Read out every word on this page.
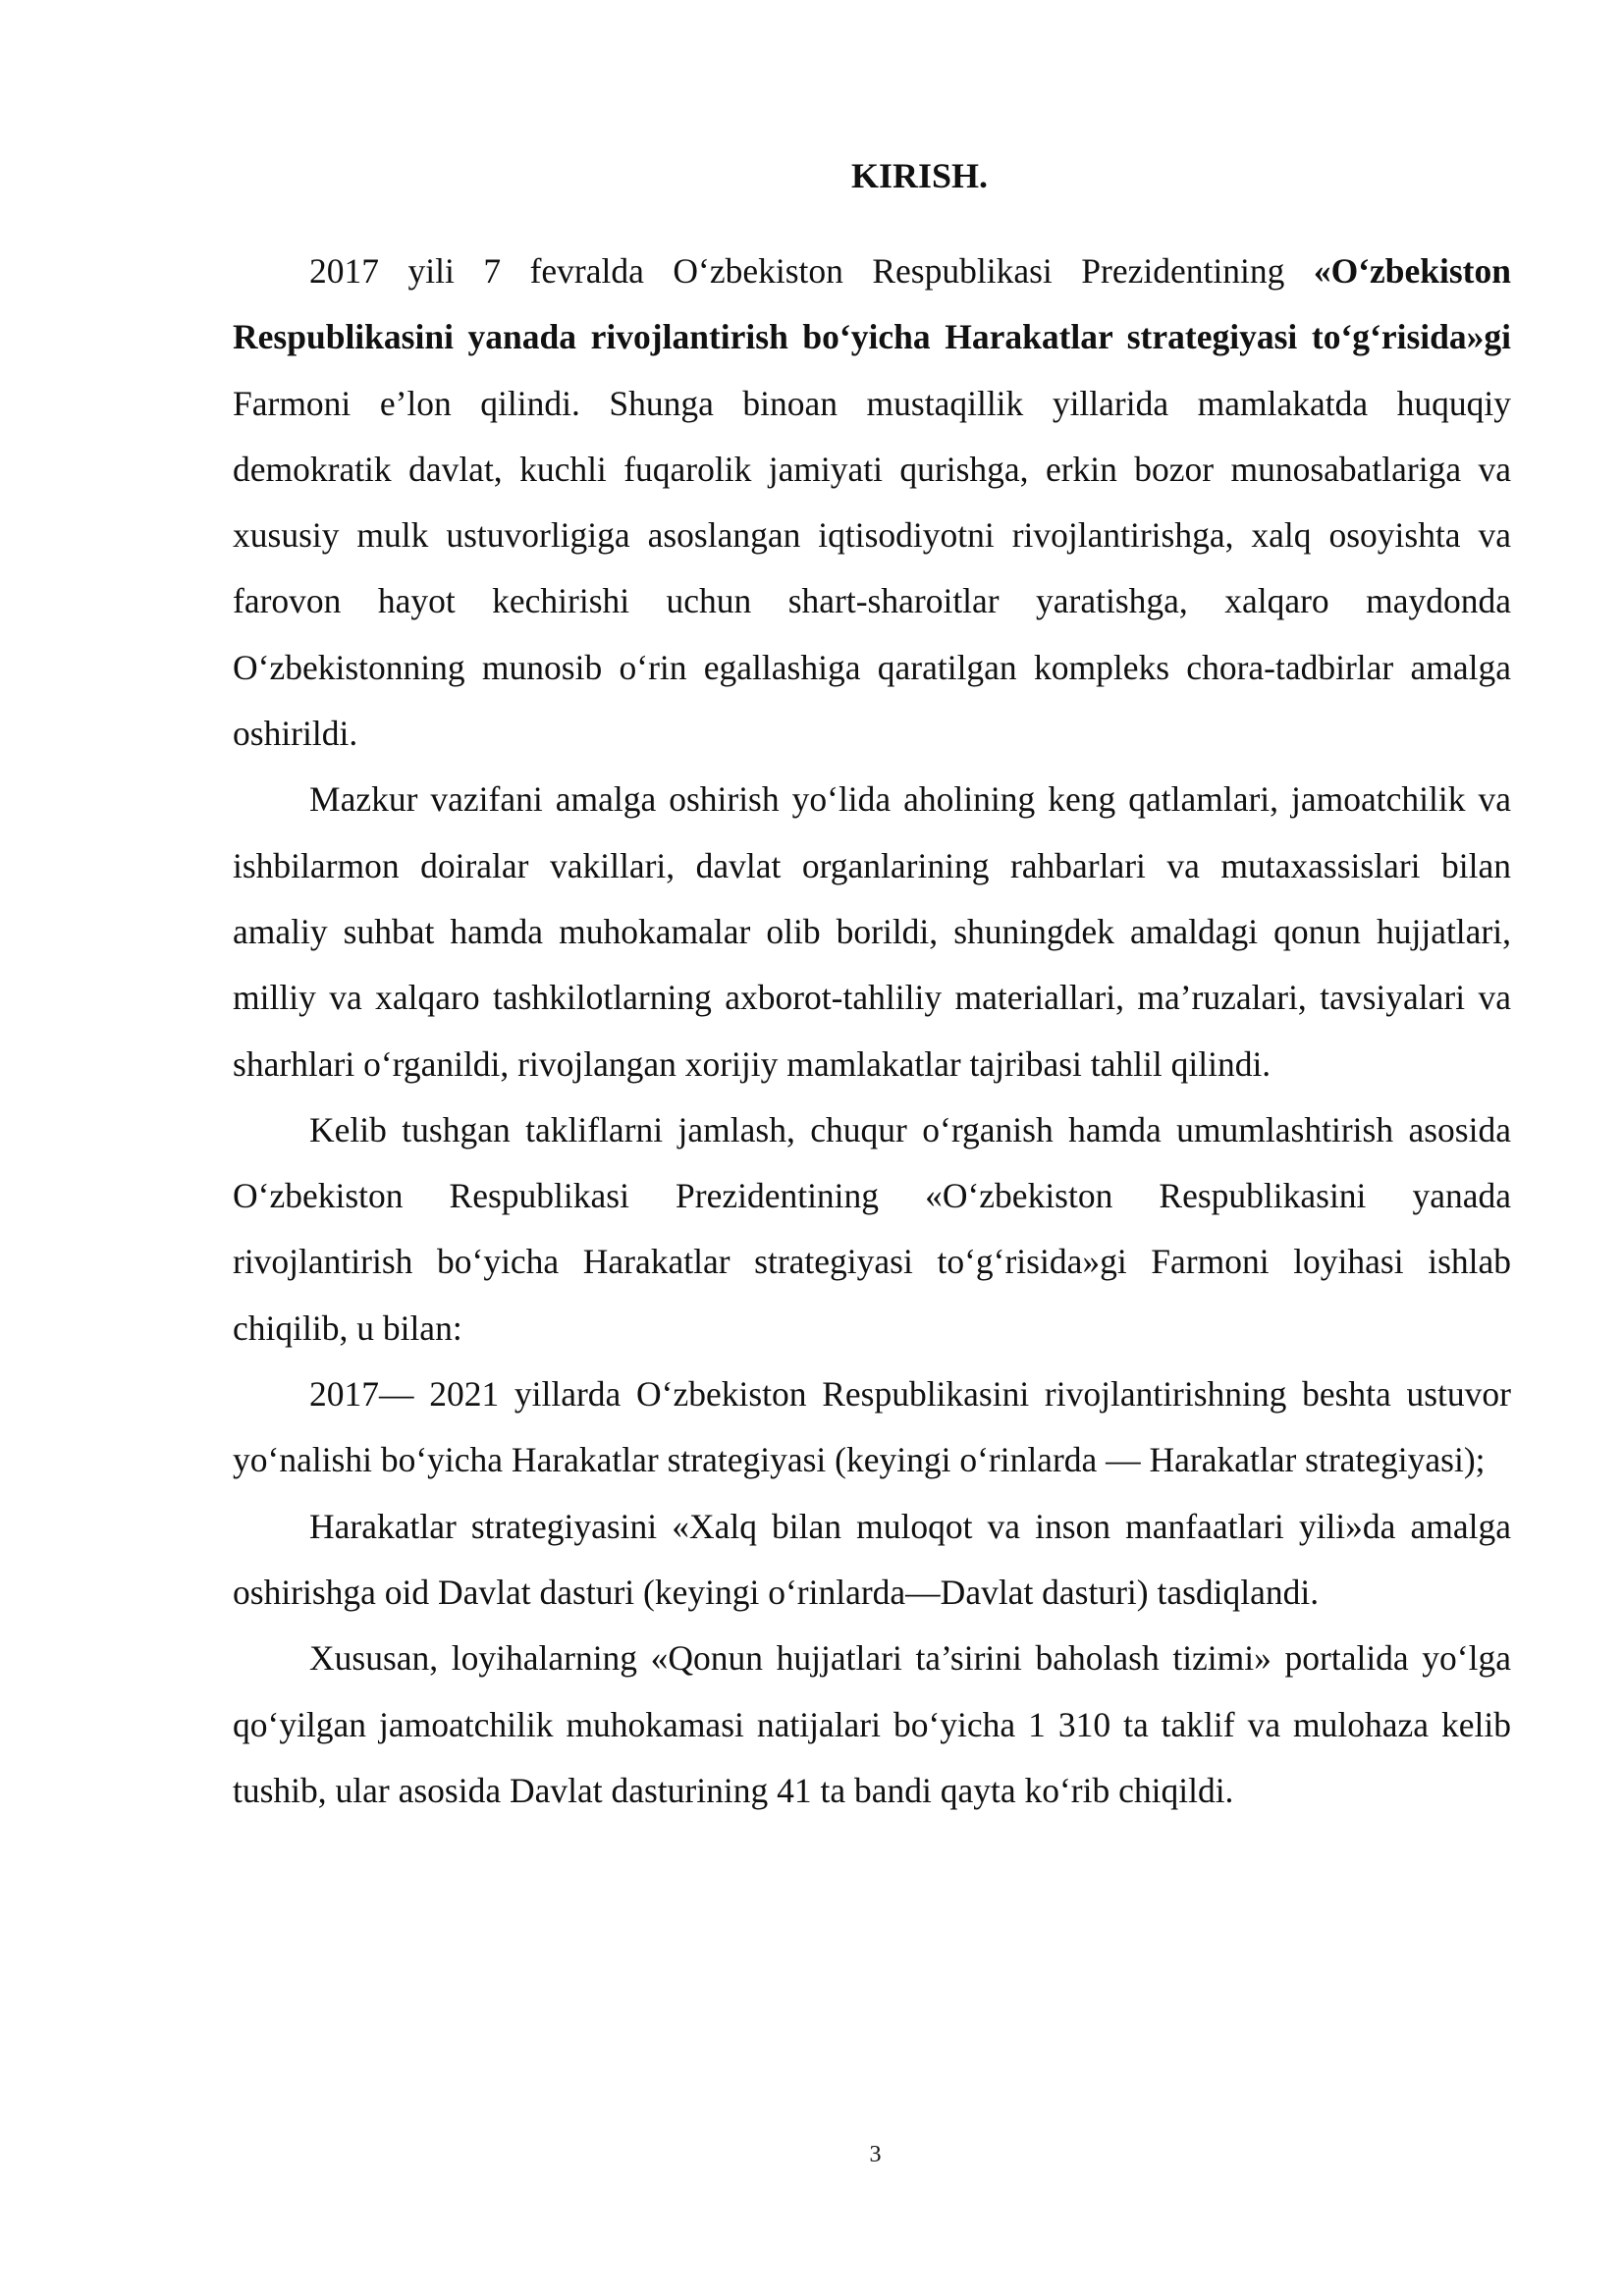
KIRISH.

2017 yili 7 fevralda O‘zbekiston Respublikasi Prezidentining «O‘zbekiston Respublikasini yanada rivojlantirish bo‘yicha Harakatlar strategiyasi to‘g‘risida»gi Farmoni e’lon qilindi. Shunga binoan mustaqillik yillarida mamlakatda huquqiy demokratik davlat, kuchli fuqarolik jamiyati qurishga, erkin bozor munosabatlariga va xususiy mulk ustuvorligiga asoslangan iqtisodiyotni rivojlantirishga, xalq osoyishta va farovon hayot kechirishi uchun shart-sharoitlar yaratishga, xalqaro maydonda O‘zbekistonning munosib o‘rin egallashiga qaratilgan kompleks chora-tadbirlar amalga oshirildi.

Mazkur vazifani amalga oshirish yo‘lida aholining keng qatlamlari, jamoatchilik va ishbilarmon doiralar vakillari, davlat organlarining rahbarlari va mutaxassislari bilan amaliy suhbat hamda muhokamalar olib borildi, shuningdek amaldagi qonun hujjatlari, milliy va xalqaro tashkilotlarning axborot-tahliliy materiallari, ma’ruzalari, tavsiyalari va sharhlari o‘rganildi, rivojlangan xorijiy mamlakatlar tajribasi tahlil qilindi.

Kelib tushgan takliflarni jamlash, chuqur o‘rganish hamda umumlashtirish asosida O‘zbekiston Respublikasi Prezidentining «O‘zbekiston Respublikasini yanada rivojlantirish bo‘yicha Harakatlar strategiyasi to‘g‘risida»gi Farmoni loyihasi ishlab chiqilib, u bilan:

2017— 2021 yillarda O‘zbekiston Respublikasini rivojlantirishning beshta ustuvor yo‘nalishi bo‘yicha Harakatlar strategiyasi (keyingi o‘rinlarda — Harakatlar strategiyasi);

Harakatlar strategiyasini «Xalq bilan muloqot va inson manfaatlari yili»da amalga oshirishga oid Davlat dasturi (keyingi o‘rinlarda—Davlat dasturi) tasdiqlandi.

Xususan, loyihalarning «Qonun hujjatlari ta’sirini baholash tizimi» portalida yo‘lga qo‘yilgan jamoatchilik muhokamasi natijalari bo‘yicha 1 310 ta taklif va mulohaza kelib tushib, ular asosida Davlat dasturining 41 ta bandi qayta ko‘rib chiqildi.

3
